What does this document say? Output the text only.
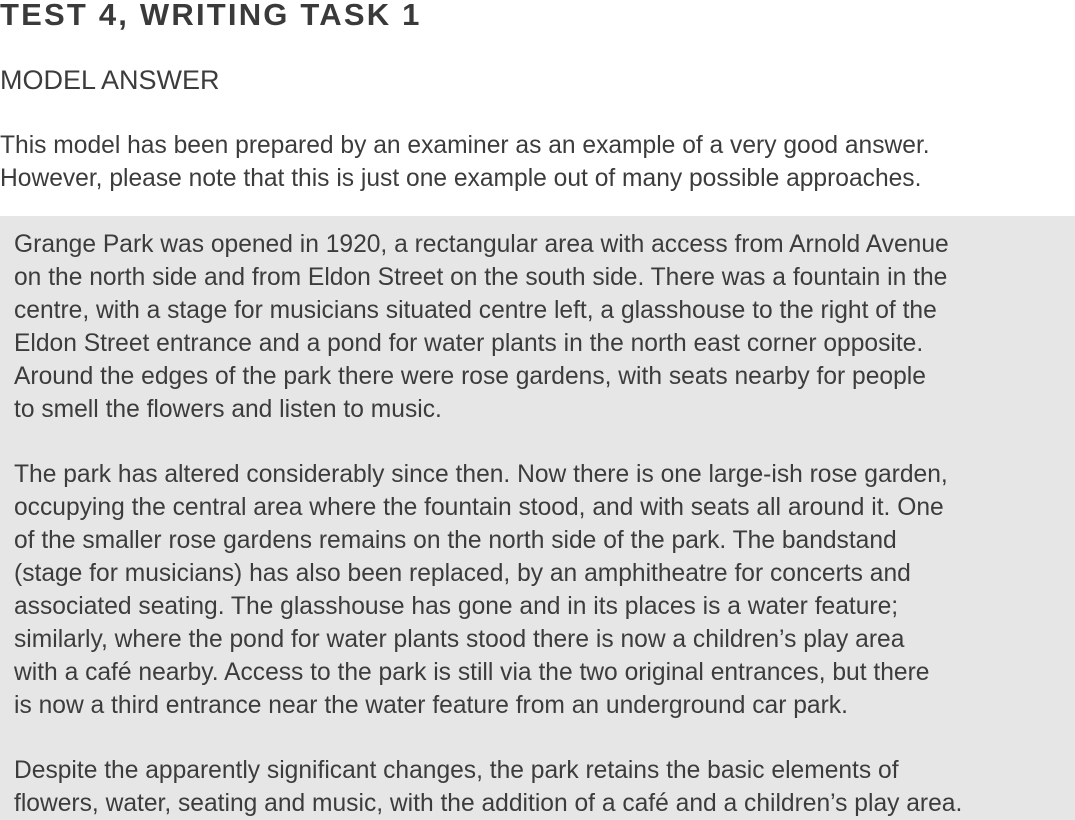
TEST 4, WRITING TASK 1
MODEL ANSWER

This model has been prepared by an examiner as an example of a very good answer.
However, please note that this is just one example out of many possible approaches.

Grange Park was opened in 1920, a rectangular area with access from Arnold Avenue
on the north side and from Eldon Street on the south side. There was a fountain in the
centre, with a stage for musicians situated centre left, a glasshouse to the right of the
Eldon Street entrance and a pond for water plants in the north east corner opposite.
Around the edges of the park there were rose gardens, with seats nearby for people
to smell the flowers and listen to music.

The park has altered considerably since then. Now there is one large-ish rose garden,
occupying the central area where the fountain stood, and with seats all around it. One
of the smaller rose gardens remains on the north side of the park. The bandstand
(stage for musicians) has also been replaced, by an amphitheatre for concerts and
associated seating. The glasshouse has gone and in its places is a water feature;
similarly, where the pond for water plants stood there is now a children’s play area
with a café nearby. Access to the park is still via the two original entrances, but there
is now a third entrance near the water feature from an underground car park.

Despite the apparently significant changes, the park retains the basic elements of
flowers, water, seating and music, with the addition of a café and a children’s play area.
